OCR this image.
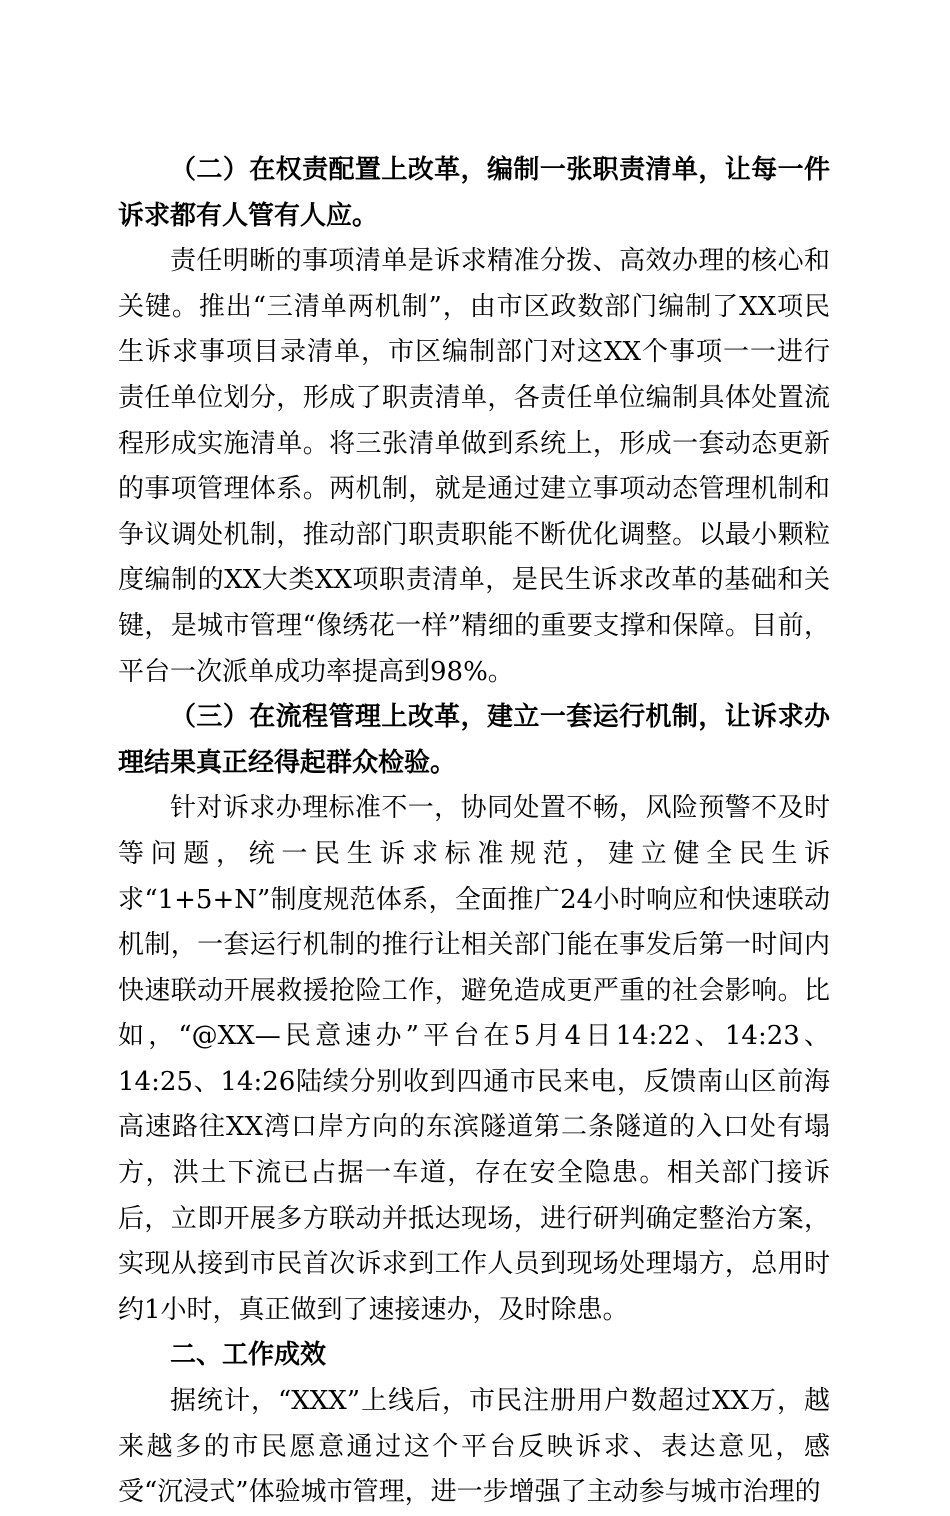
（二）在权责配置上改革，编制一张职责清单，让每一件诉求都有人管有人应。

责任明晰的事项清单是诉求精准分拨、高效办理的核心和关键。推出“三清单两机制”，由市区政数部门编制了XX项民生诉求事项目录清单，市区编制部门对这XX个事项一一进行责任单位划分，形成了职责清单，各责任单位编制具体处置流程形成实施清单。将三张清单做到系统上，形成一套动态更新的事项管理体系。两机制，就是通过建立事项动态管理机制和争议调处机制，推动部门职责职能不断优化调整。以最小颗粒度编制的XX大类XX项职责清单，是民生诉求改革的基础和关键，是城市管理“像绣花一样”精细的重要支撑和保障。目前，平台一次派单成功率提高到98%。

（三）在流程管理上改革，建立一套运行机制，让诉求办理结果真正经得起群众检验。

针对诉求办理标准不一，协同处置不畅，风险预警不及时等问题，统一民生诉求标准规范，建立健全民生诉求“1+5+N”制度规范体系，全面推广24小时响应和快速联动机制，一套运行机制的推行让相关部门能在事发后第一时间内快速联动开展救援抢险工作，避免造成更严重的社会影响。比如，“@XX—民意速办”平台在5月4日14:22、14:23、14:25、14:26陆续分别收到四通市民来电，反馈南山区前海高速路往XX湾口岸方向的东滨隧道第二条隧道的入口处有塌方，洪土下流已占据一车道，存在安全隐患。相关部门接诉后，立即开展多方联动并抵达现场，进行研判确定整治方案，实现从接到市民首次诉求到工作人员到现场处理塌方，总用时约1小时，真正做到了速接速办，及时除患。

二、工作成效

据统计，“XXX”上线后，市民注册用户数超过XX万，越来越多的市民愿意通过这个平台反映诉求、表达意见，感受“沉浸式”体验城市管理，进一步增强了主动参与城市治理的
